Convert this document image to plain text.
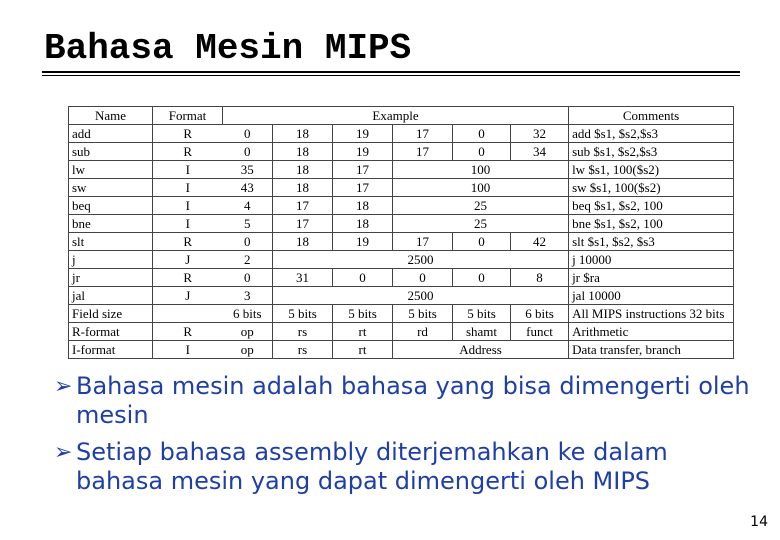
Bahasa Mesin MIPS
Name	Format	Example						Comments
add	R	0	18	19	17	0	32	add $s1, $s2,$s3
sub	R	0	18	19	17	0	34	sub $s1, $s2,$s3
lw	I	35	18	17	100			lw $s1, 100($s2)
sw	I	43	18	17	100			sw $s1, 100($s2)
beq	I	4	17	18	25			beq $s1, $s2, 100
bne	I	5	17	18	25			bne $s1, $s2, 100
slt	R	0	18	19	17	0	42	slt $s1, $s2, $s3
j	J	2	2500					j 10000
jr	R	0	31	0	0	0	8	jr $ra
jal	J	3	2500					jal 10000
Field size		6 bits	5 bits	5 bits	5 bits	5 bits	6 bits	All MIPS instructions 32 bits
R-format	R	op	rs	rt	rd	shamt	funct	Arithmetic
I-format	I	op	rs	rt	Address			Data transfer, branch
➢ Bahasa mesin adalah bahasa yang bisa dimengerti oleh mesin
➢ Setiap bahasa assembly diterjemahkan ke dalam bahasa mesin yang dapat dimengerti oleh MIPS
14
